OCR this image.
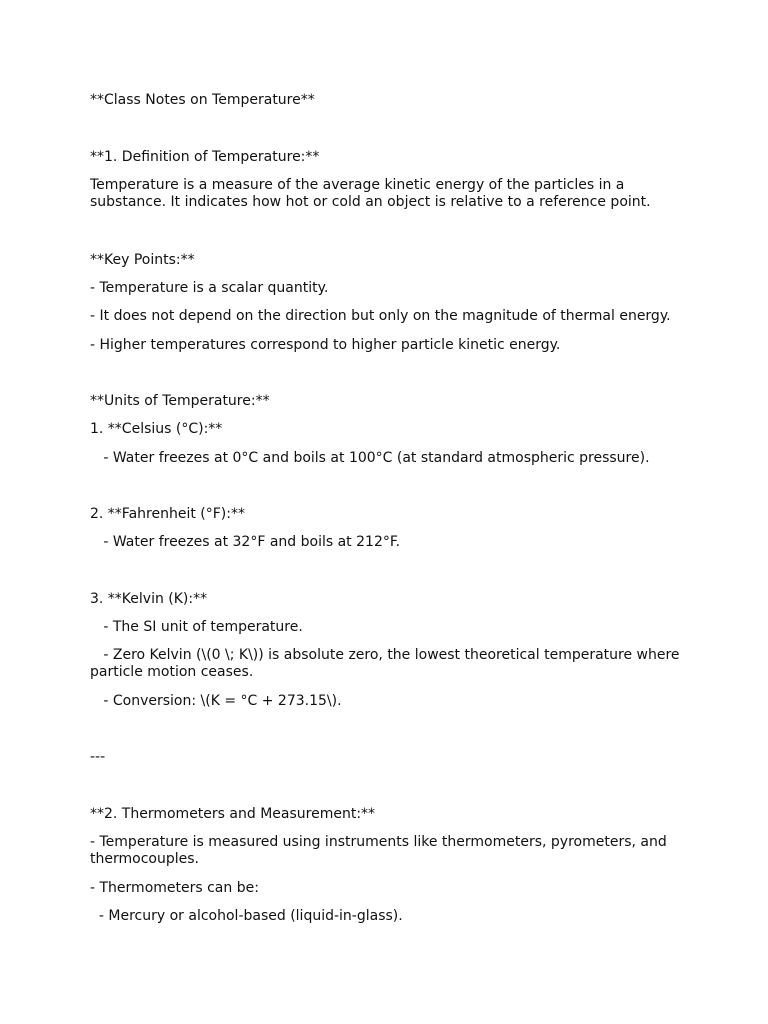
**Class Notes on Temperature**

**1. Definition of Temperature:**

Temperature is a measure of the average kinetic energy of the particles in a substance. It indicates how hot or cold an object is relative to a reference point.

**Key Points:**

- Temperature is a scalar quantity.

- It does not depend on the direction but only on the magnitude of thermal energy.

- Higher temperatures correspond to higher particle kinetic energy.

**Units of Temperature:**

1. **Celsius (°C):**

- Water freezes at 0°C and boils at 100°C (at standard atmospheric pressure).

2. **Fahrenheit (°F):**

- Water freezes at 32°F and boils at 212°F.

3. **Kelvin (K):**

- The SI unit of temperature.

- Zero Kelvin (\(0 \; K\)) is absolute zero, the lowest theoretical temperature where particle motion ceases.

- Conversion: \(K = °C + 273.15\).

---

**2. Thermometers and Measurement:**

- Temperature is measured using instruments like thermometers, pyrometers, and thermocouples.

- Thermometers can be:

- Mercury or alcohol-based (liquid-in-glass).
